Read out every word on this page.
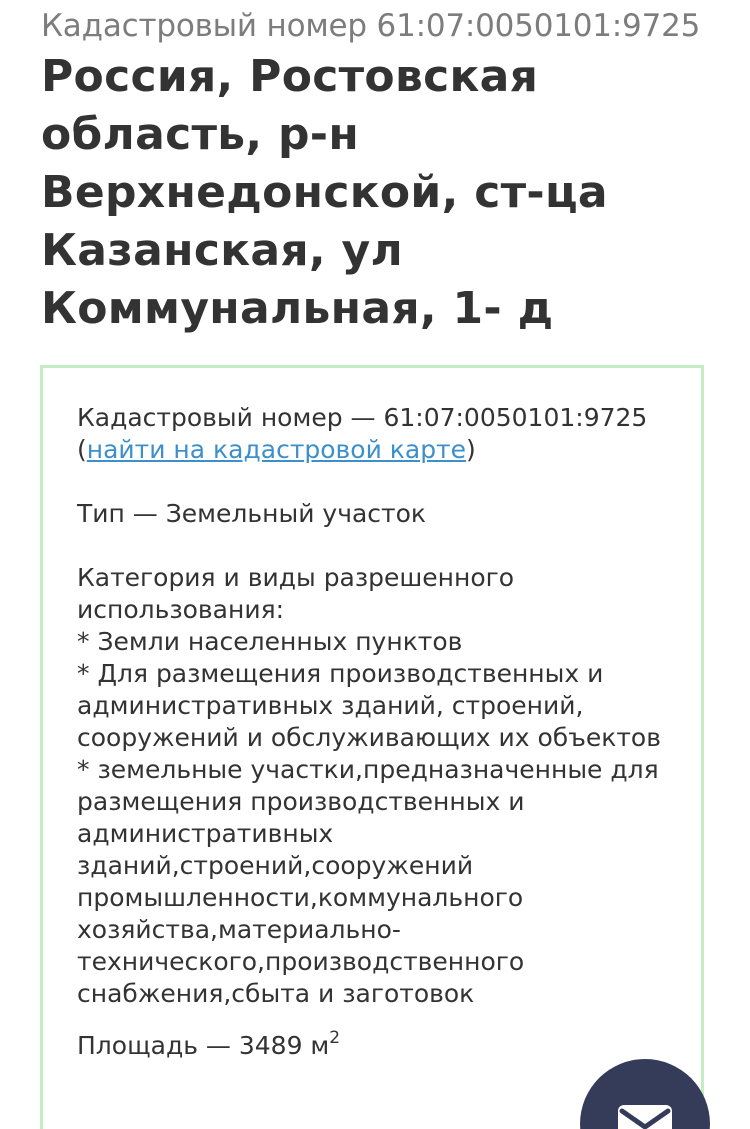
Кадастровый номер 61:07:0050101:9725
Россия, Ростовская область, р-н Верхнедонской, ст-ца Казанская, ул Коммунальная, 1- д

Кадастровый номер — 61:07:0050101:9725
(найти на кадастровой карте)

Тип — Земельный участок

Категория и виды разрешенного использования:

* Земли населенных пунктов

* Для размещения производственных и административных зданий, строений, сооружений и обслуживающих их объектов

* земельные участки,предназначенные для размещения производственных и административных зданий,строений,сооружений промышленности,коммунального хозяйства,материально-технического,производственного снабжения,сбыта и заготовок

Площадь — 3489 $м^2$
